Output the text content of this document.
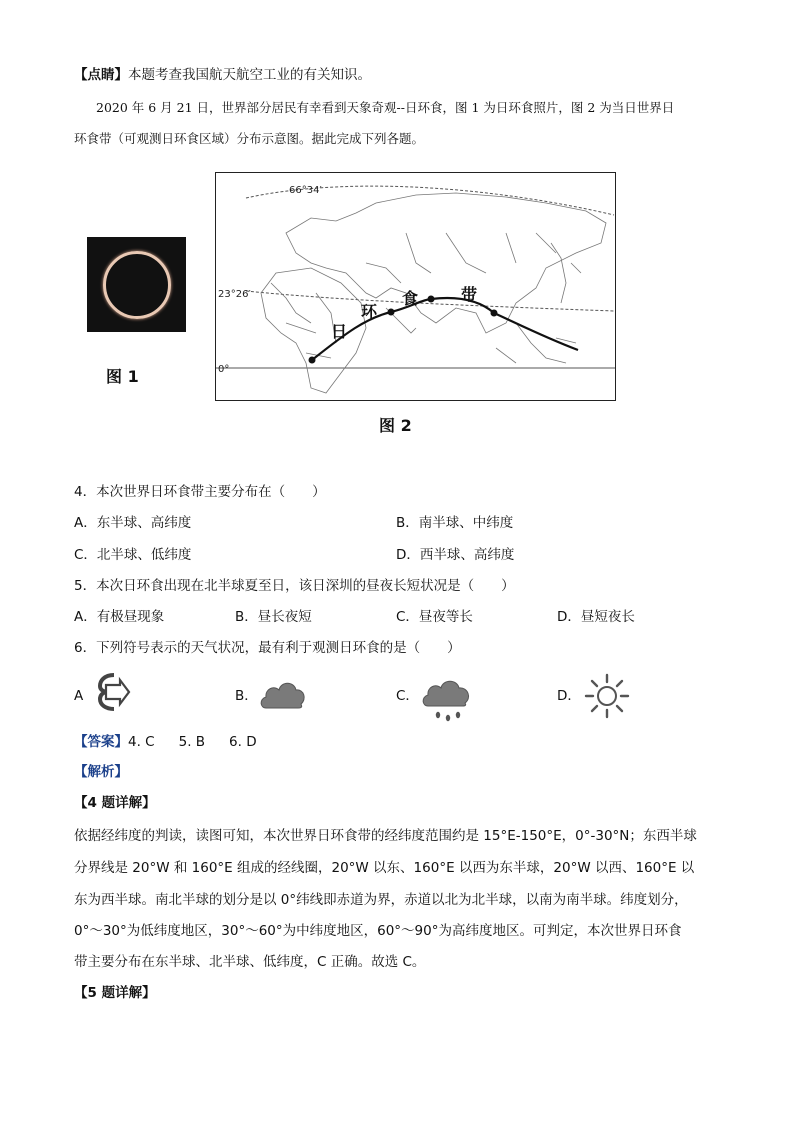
【点睛】本题考查我国航天航空工业的有关知识。
2020 年 6 月 21 日，世界部分居民有幸看到天象奇观--日环食，图 1 为日环食照片，图 2 为当日世界日
环食带（可观测日环食区域）分布示意图。据此完成下列各题。
图 1
66°34′
23°26′
0°
日
环
食	带
图 2
4．本次世界日环食带主要分布在（　　）
A．东半球、高纬度	B．南半球、中纬度
C．北半球、低纬度	D．西半球、高纬度
5．本次日环食出现在北半球夏至日，该日深圳的昼夜长短状况是（　　）
A．有极昼现象	B．昼长夜短	C．昼夜等长	D．昼短夜长
6．下列符号表示的天气状况，最有利于观测日环食的是（　　）
A	B．	C．	D．
【答案】4. C 5. B 6. D
【解析】
【4 题详解】
依据经纬度的判读，读图可知，本次世界日环食带的经纬度范围约是 15°E-150°E，0°-30°N；东西半球
分界线是 20°W 和 160°E 组成的经线圈，20°W 以东、160°E 以西为东半球，20°W 以西、160°E 以
东为西半球。南北半球的划分是以 0°纬线即赤道为界，赤道以北为北半球，以南为南半球。纬度划分，
0°～30°为低纬度地区，30°～60°为中纬度地区，60°～90°为高纬度地区。可判定，本次世界日环食
带主要分布在东半球、北半球、低纬度，C 正确。故选 C。
【5 题详解】
